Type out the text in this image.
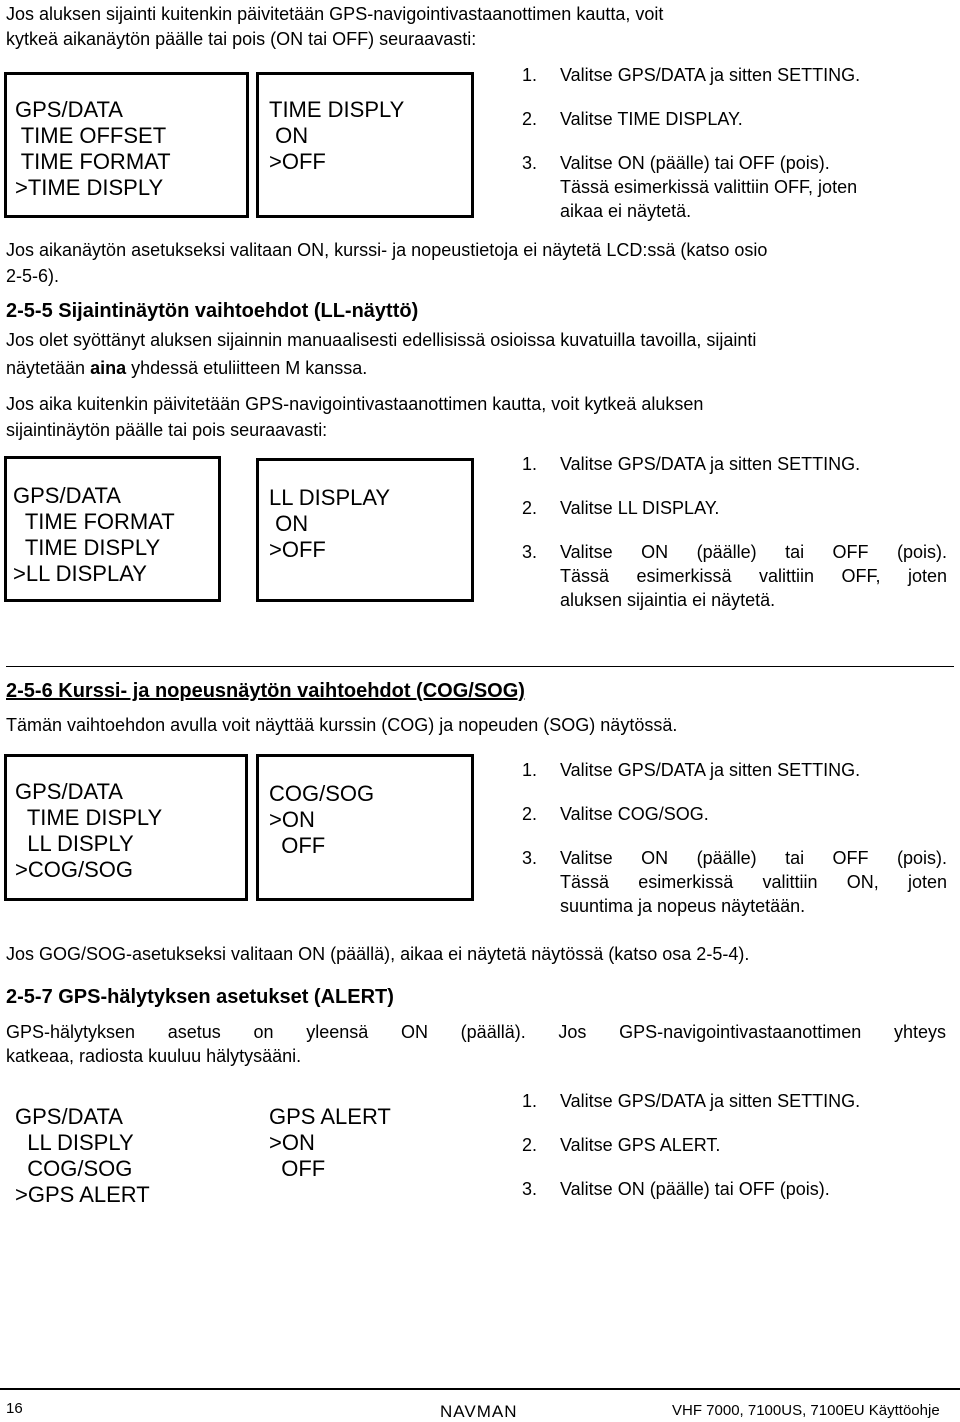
Jos aluksen sijainti kuitenkin päivitetään GPS-navigointivastaanottimen kautta, voit

kytkeä aikanäytön päälle tai pois (ON tai OFF) seuraavasti:

GPS/DATA

TIME OFFSET

TIME FORMAT

>TIME DISPLY

TIME DISPLY

ON

>OFF

1. Valitse GPS/DATA ja sitten SETTING.
2. Valitse TIME DISPLAY.
3. Valitse ON (päälle) tai OFF (pois).
Tässä esimerkissä valittiin OFF, joten
aikaa ei näytetä.

Jos aikanäytön asetukseksi valitaan ON, kurssi- ja nopeustietoja ei näytetä LCD:ssä (katso osio

2-5-6).

2-5-5 Sijaintinäytön vaihtoehdot (LL-näyttö)

Jos olet syöttänyt aluksen sijainnin manuaalisesti edellisissä osioissa kuvatuilla tavoilla, sijainti

näytetään aina yhdessä etuliitteen M kanssa.

Jos aika kuitenkin päivitetään GPS-navigointivastaanottimen kautta, voit kytkeä aluksen

sijaintinäytön päälle tai pois seuraavasti:

GPS/DATA

TIME FORMAT

TIME DISPLY

>LL DISPLAY

LL DISPLAY

ON

>OFF

1. Valitse GPS/DATA ja sitten SETTING.
2. Valitse LL DISPLAY.
3. Valitse ON (päälle) tai OFF (pois).
Tässä esimerkissä valittiin OFF, joten
aluksen sijaintia ei näytetä.
2-5-6 Kurssi- ja nopeusnäytön vaihtoehdot (COG/SOG)

Tämän vaihtoehdon avulla voit näyttää kurssin (COG) ja nopeuden (SOG) näytössä.

GPS/DATA

TIME DISPLY

LL DISPLY

>COG/SOG

COG/SOG

>ON

OFF

1. Valitse GPS/DATA ja sitten SETTING.
2. Valitse COG/SOG.
3. Valitse ON (päälle) tai OFF (pois).
Tässä esimerkissä valittiin ON, joten
suuntima ja nopeus näytetään.

Jos GOG/SOG-asetukseksi valitaan ON (päällä), aikaa ei näytetä näytössä (katso osa 2-5-4).

2-5-7 GPS-hälytyksen asetukset (ALERT)

GPS-hälytyksen asetus on yleensä ON (päällä). Jos GPS-navigointivastaanottimen yhteys

katkeaa, radiosta kuuluu hälytysääni.

GPS/DATA

LL DISPLY

COG/SOG

>GPS ALERT

GPS ALERT

>ON

OFF

1. Valitse GPS/DATA ja sitten SETTING.
2. Valitse GPS ALERT.
3. Valitse ON (päälle) tai OFF (pois).
16	NAVMAN	VHF 7000, 7100US, 7100EU Käyttöohje
